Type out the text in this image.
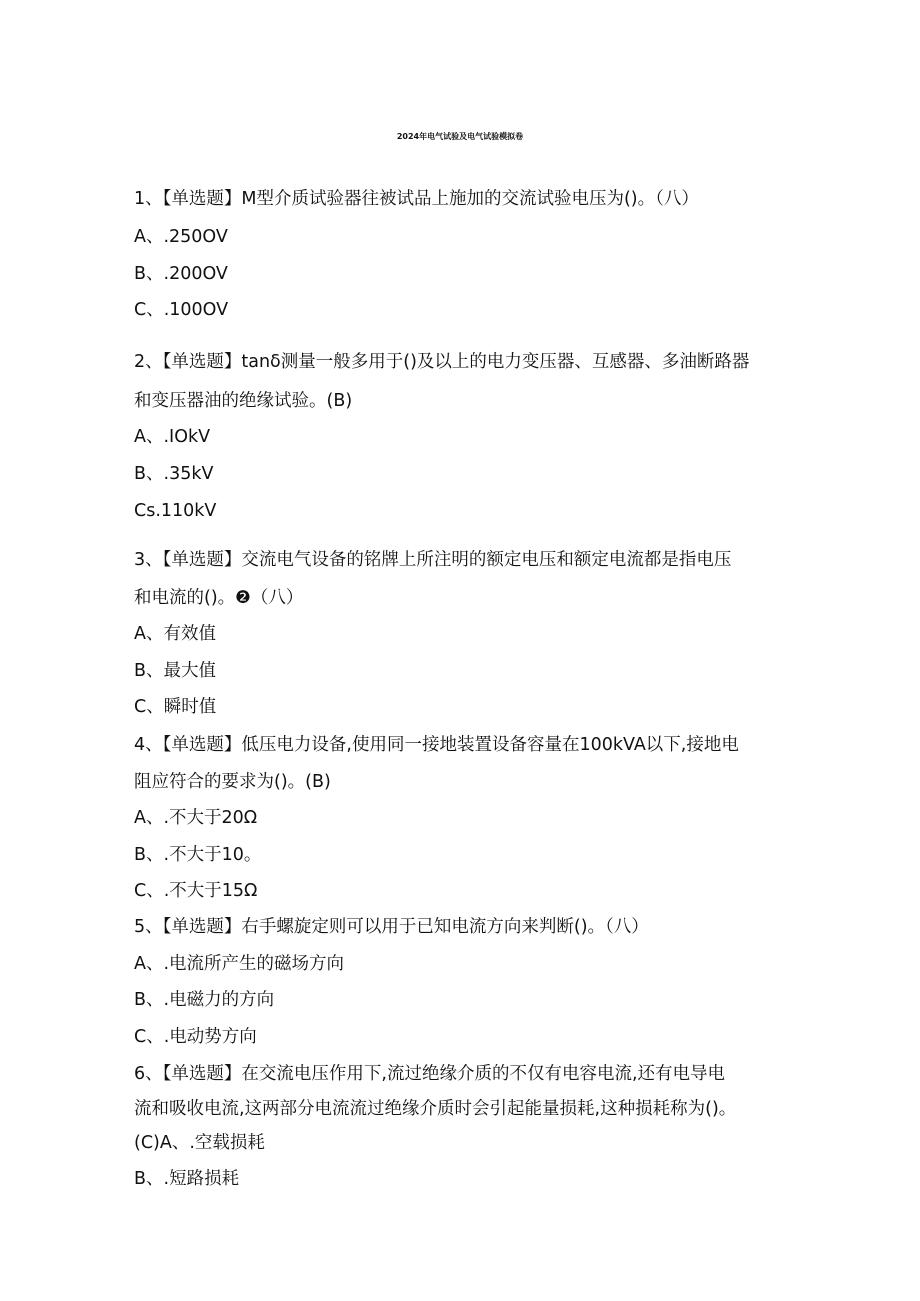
2024年电气试验及电气试验模拟卷
1、【单选题】M型介质试验器往被试品上施加的交流试验电压为()。（八）
A、.250OV
B、.200OV
C、.100OV
2、【单选题】tanδ测量一般多用于()及以上的电力变压器、互感器、多油断路器
和变压器油的绝缘试验。(B)
A、.IOkV
B、.35kV
Cs.110kV
3、【单选题】交流电气设备的铭牌上所注明的额定电压和额定电流都是指电压
和电流的()。❷（八）
A、有效值
B、最大值
C、瞬时值
4、【单选题】低压电力设备,使用同一接地装置设备容量在100kVA以下,接地电
阻应符合的要求为()。(B)
A、.不大于20Ω
B、.不大于10。
C、.不大于15Ω
5、【单选题】右手螺旋定则可以用于已知电流方向来判断()。（八）
A、.电流所产生的磁场方向
B、.电磁力的方向
C、.电动势方向
6、【单选题】在交流电压作用下,流过绝缘介质的不仅有电容电流,还有电导电
流和吸收电流,这两部分电流流过绝缘介质时会引起能量损耗,这种损耗称为()。
(C)A、.空载损耗
B、.短路损耗
